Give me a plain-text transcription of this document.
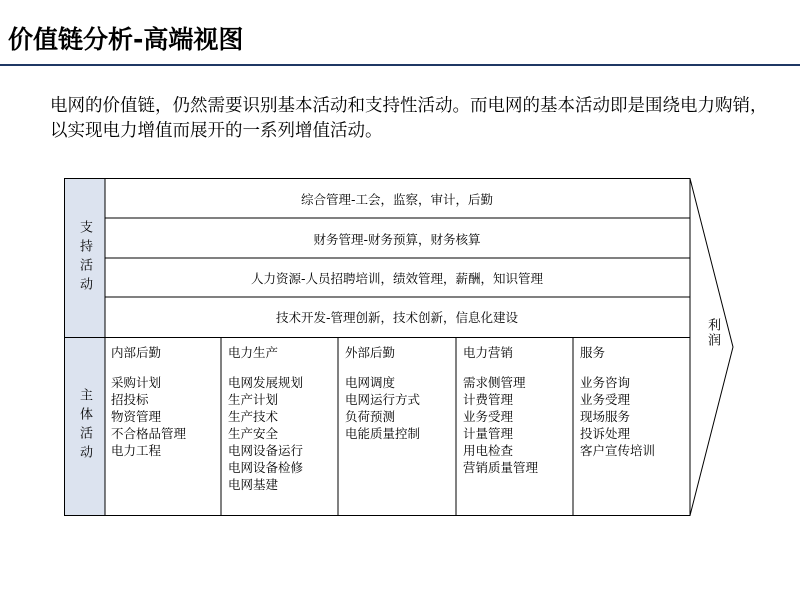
价值链分析-高端视图

电网的价值链，仍然需要识别基本活动和支持性活动。而电网的基本活动即是围绕电力购销，以实现电力增值而展开的一系列增值活动。

支持活动
主体活动
综合管理-工会，监察，审计，后勤
财务管理-财务预算，财务核算
人力资源-人员招聘培训，绩效管理，薪酬，知识管理
技术开发-管理创新，技术创新，信息化建设
内部后勤
采购计划
招投标
物资管理
不合格品管理
电力工程
电力生产
电网发展规划
生产计划
生产技术
生产安全
电网设备运行
电网设备检修
电网基建
外部后勤
电网调度
电网运行方式
负荷预测
电能质量控制
电力营销
需求侧管理
计费管理
业务受理
计量管理
用电检查
营销质量管理
服务
业务咨询
业务受理
现场服务
投诉处理
客户宣传培训
利润
